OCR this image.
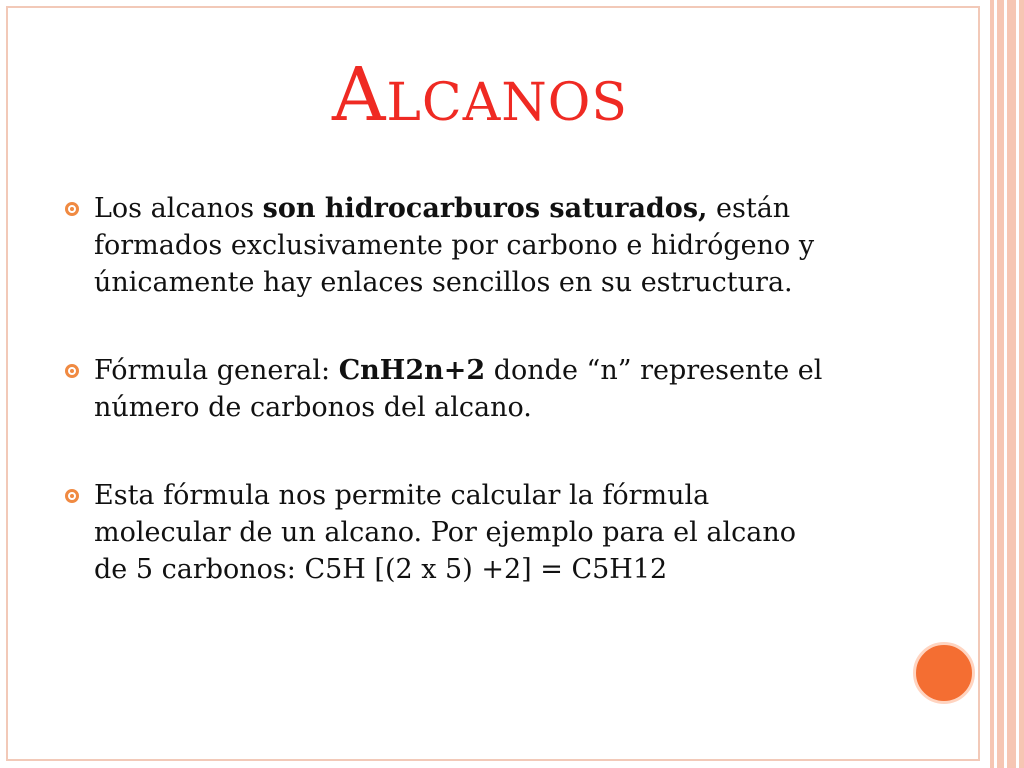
Alcanos

Los alcanos son hidrocarburos saturados, están
formados exclusivamente por carbono e hidrógeno y
únicamente hay enlaces sencillos en su estructura.

Fórmula general: CnH2n+2 donde “n” represente el
número de carbonos del alcano.

Esta fórmula nos permite calcular la fórmula
molecular de un alcano. Por ejemplo para el alcano
de 5 carbonos: C5H [(2 x 5) +2] = C5H12
